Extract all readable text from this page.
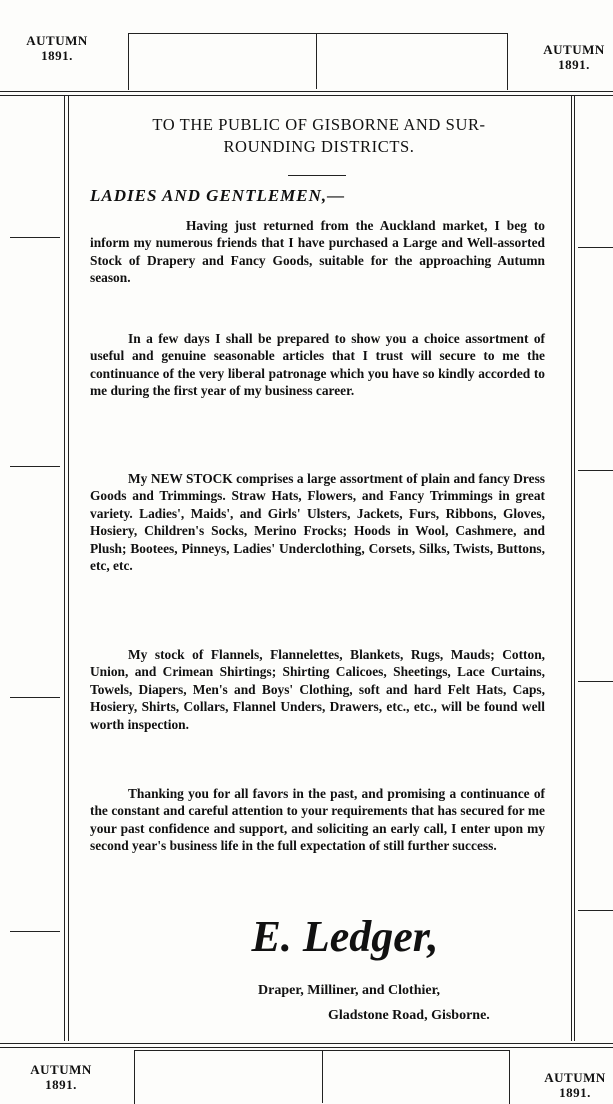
AUTUMN
1891.	AUTUMN
1891.
AUTUMN
1891.	AUTUMN
1891.
TO THE PUBLIC OF GISBORNE AND SUR-
ROUNDING DISTRICTS.
LADIES AND GENTLEMEN,—

Having just returned from the Auckland market, I beg to inform my numerous friends that I have purchased a Large and Well-assorted Stock of Drapery and Fancy Goods, suitable for the approaching Autumn season.

In a few days I shall be prepared to show you a choice assortment of useful and genuine seasonable articles that I trust will secure to me the continuance of the very liberal patronage which you have so kindly accorded to me during the first year of my business career.

My NEW STOCK comprises a large assortment of plain and fancy Dress Goods and Trimmings. Straw Hats, Flowers, and Fancy Trimmings in great variety. Ladies', Maids', and Girls' Ulsters, Jackets, Furs, Ribbons, Gloves, Hosiery, Children's Socks, Merino Frocks; Hoods in Wool, Cashmere, and Plush; Bootees, Pinneys, Ladies' Underclothing, Corsets, Silks, Twists, Buttons, etc, etc.

My stock of Flannels, Flannelettes, Blankets, Rugs, Mauds; Cotton, Union, and Crimean Shirtings; Shirting Calicoes, Sheetings, Lace Curtains, Towels, Diapers, Men's and Boys' Clothing, soft and hard Felt Hats, Caps, Hosiery, Shirts, Collars, Flannel Unders, Drawers, etc., etc., will be found well worth inspection.

Thanking you for all favors in the past, and promising a continuance of the constant and careful attention to your requirements that has secured for me your past confidence and support, and soliciting an early call, I enter upon my second year's business life in the full expectation of still further success.

E. Ledger,
Draper, Milliner, and Clothier,
Gladstone Road, Gisborne.
